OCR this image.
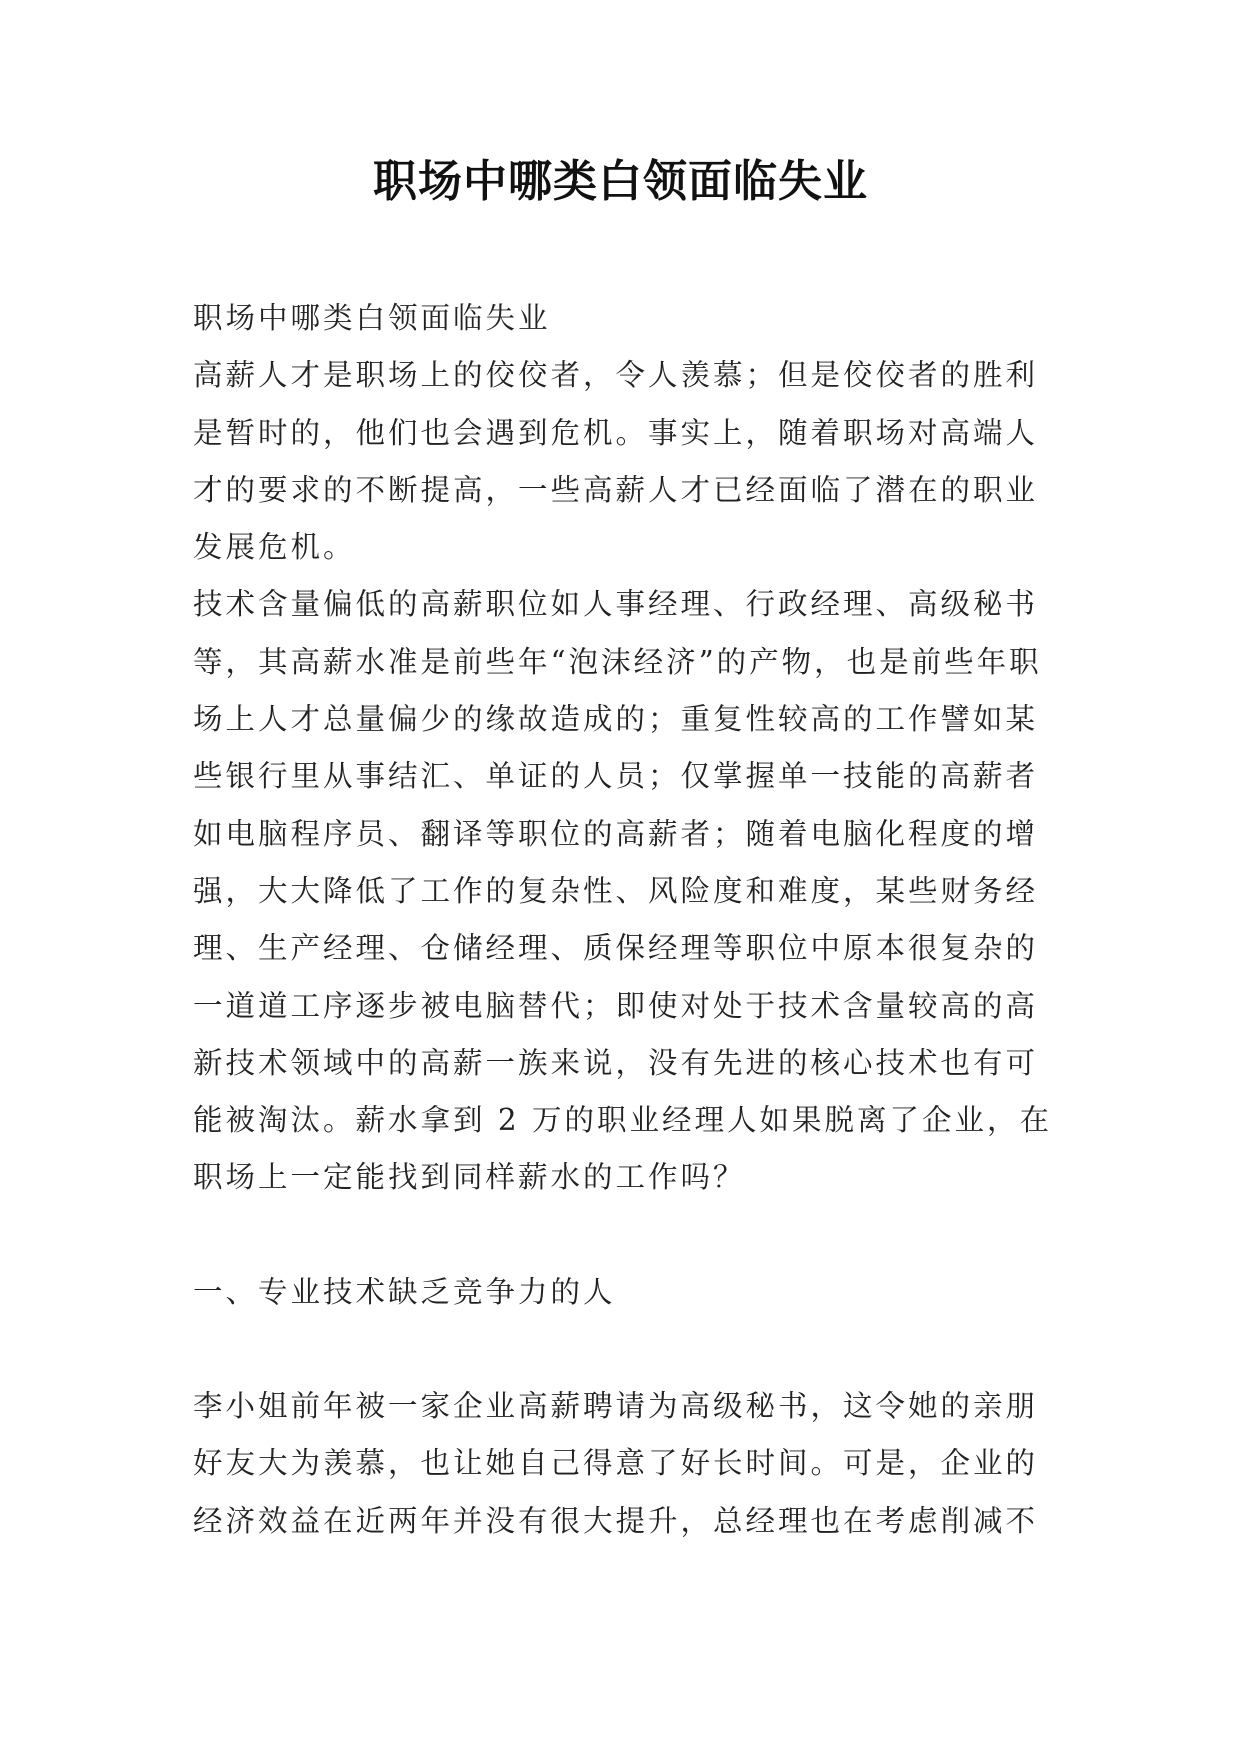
职场中哪类白领面临失业

职场中哪类白领面临失业

高薪人才是职场上的佼佼者，令人羡慕；但是佼佼者的胜利是暂时的，他们也会遇到危机。事实上，随着职场对高端人才的要求的不断提高，一些高薪人才已经面临了潜在的职业发展危机。

技术含量偏低的高薪职位如人事经理、行政经理、高级秘书等，其高薪水准是前些年“泡沫经济”的产物，也是前些年职场上人才总量偏少的缘故造成的；重复性较高的工作譬如某些银行里从事结汇、单证的人员；仅掌握单一技能的高薪者如电脑程序员、翻译等职位的高薪者；随着电脑化程度的增强，大大降低了工作的复杂性、风险度和难度，某些财务经理、生产经理、仓储经理、质保经理等职位中原本很复杂的一道道工序逐步被电脑替代；即使对处于技术含量较高的高新技术领域中的高薪一族来说，没有先进的核心技术也有可能被淘汰。薪水拿到 2 万的职业经理人如果脱离了企业，在职场上一定能找到同样薪水的工作吗？

一、专业技术缺乏竞争力的人

李小姐前年被一家企业高薪聘请为高级秘书，这令她的亲朋好友大为羡慕，也让她自己得意了好长时间。可是，企业的经济效益在近两年并没有很大提升，总经理也在考虑削减不
